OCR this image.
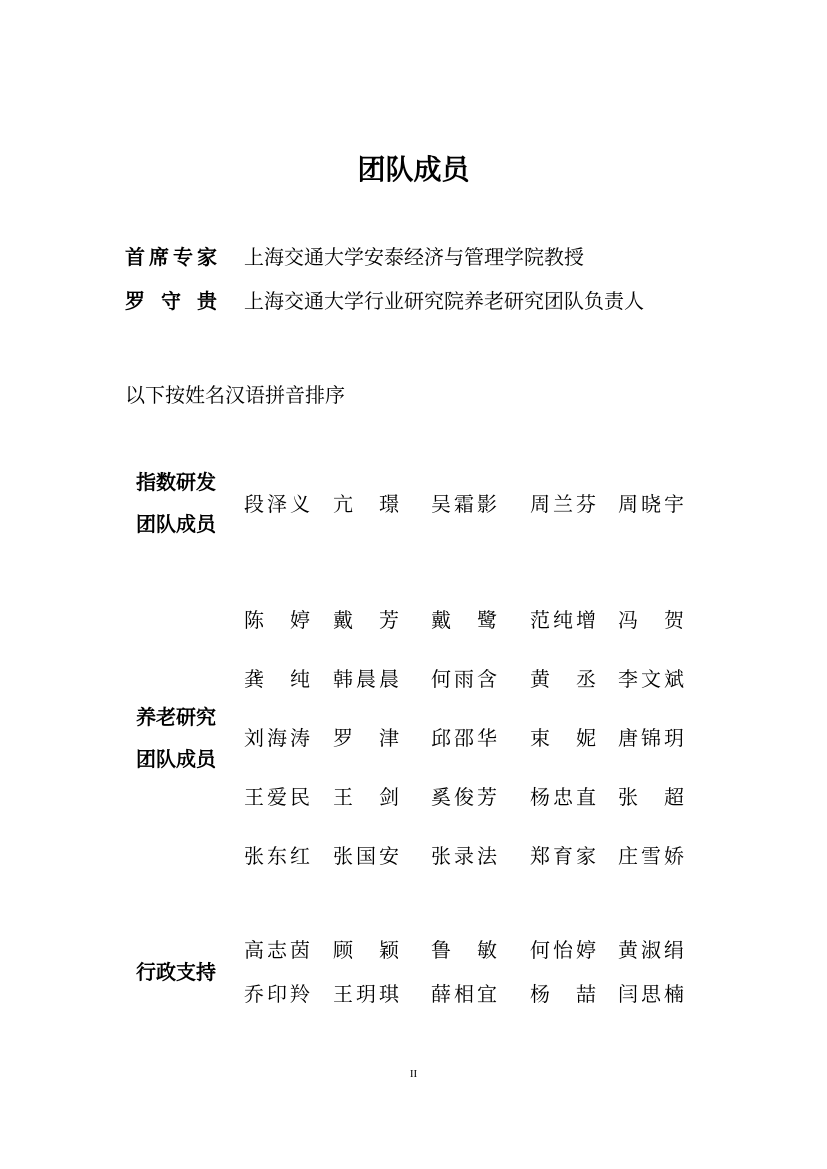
团队成员
首席专家 上海交通大学安泰经济与管理学院教授
罗守贵 上海交通大学行业研究院养老研究团队负责人
以下按姓名汉语拼音排序
指数研发
团队成员
段泽义 亢璟 吴霜影 周兰芬 周晓宇
养老研究
团队成员
陈婷 戴芳 戴鹭 范纯增 冯贺
龚纯 韩晨晨 何雨含 黄丞 李文斌
刘海涛 罗津 邱邵华 束妮 唐锦玥
王爱民 王剑 奚俊芳 杨忠直 张超
张东红 张国安 张录法 郑育家 庄雪娇
行政支持
高志茵 顾颖 鲁敏 何怡婷 黄淑绢
乔印羚 王玥琪 薛相宜 杨喆 闫思楠
II
